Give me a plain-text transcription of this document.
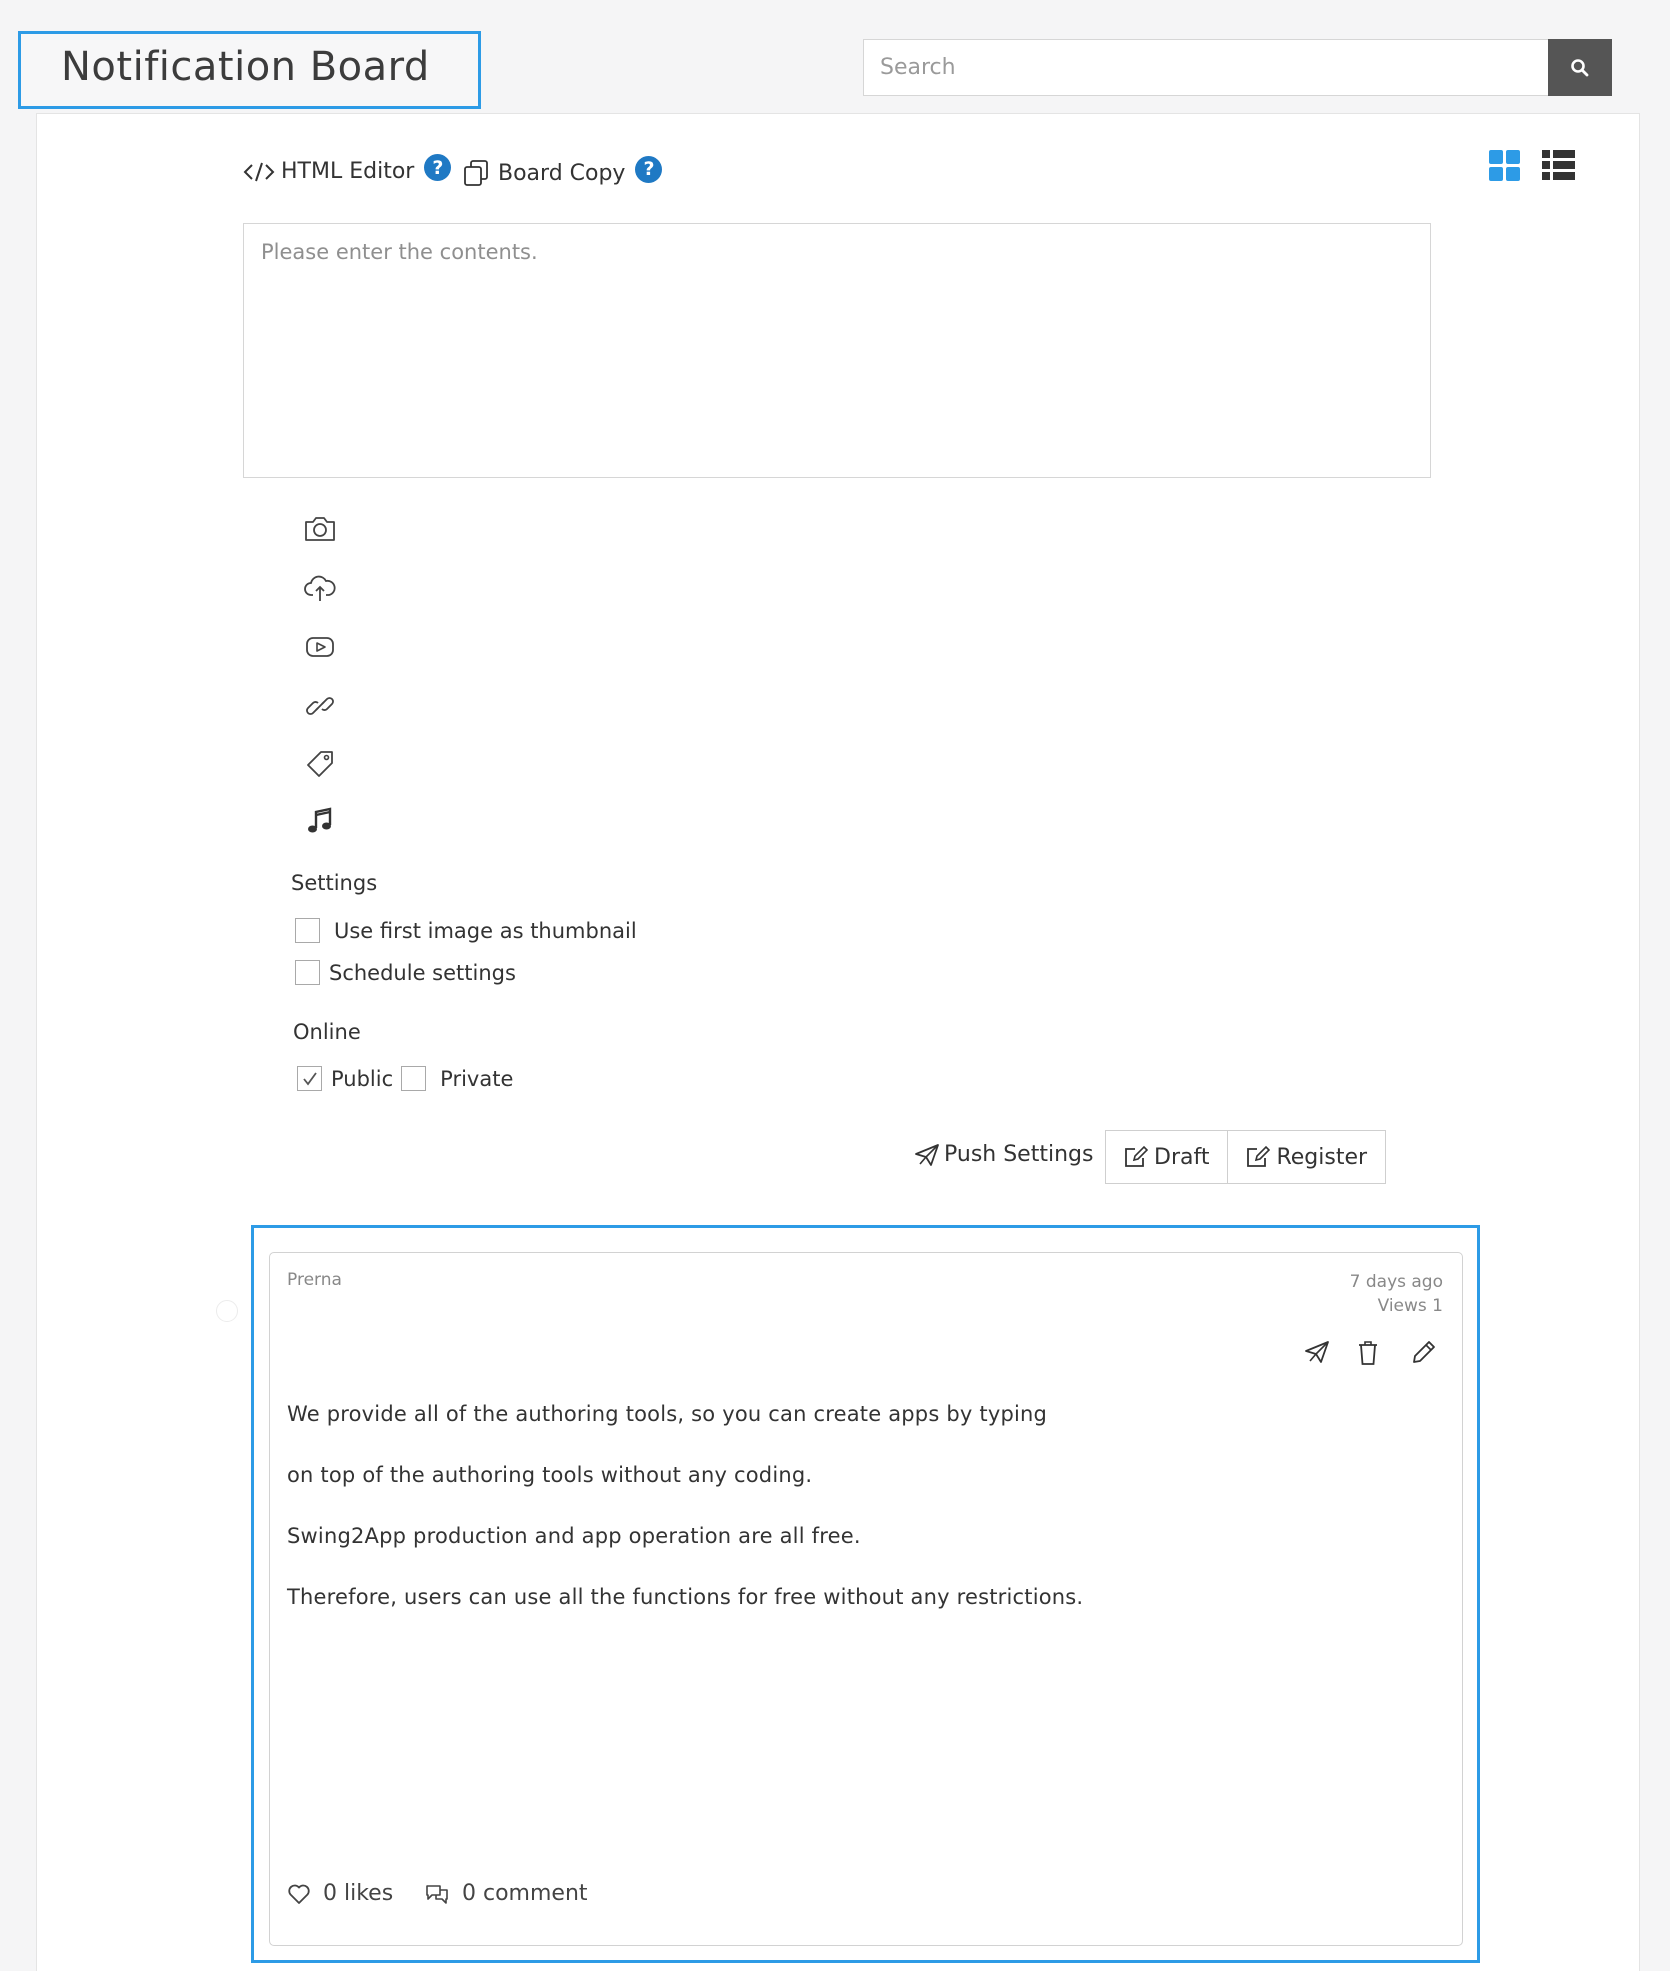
Notification Board
Search
HTML Editor ?	Board Copy ?
Please enter the contents.
Settings
Use first image as thumbnail
Schedule settings
Online
Public Private
Push Settings	Draft	Register
Prerna	7 days ago
Views 1
We provide all of the authoring tools, so you can create apps by typing
on top of the authoring tools without any coding.
Swing2App production and app operation are all free.
Therefore, users can use all the functions for free without any restrictions.
0 likes	0 comment
